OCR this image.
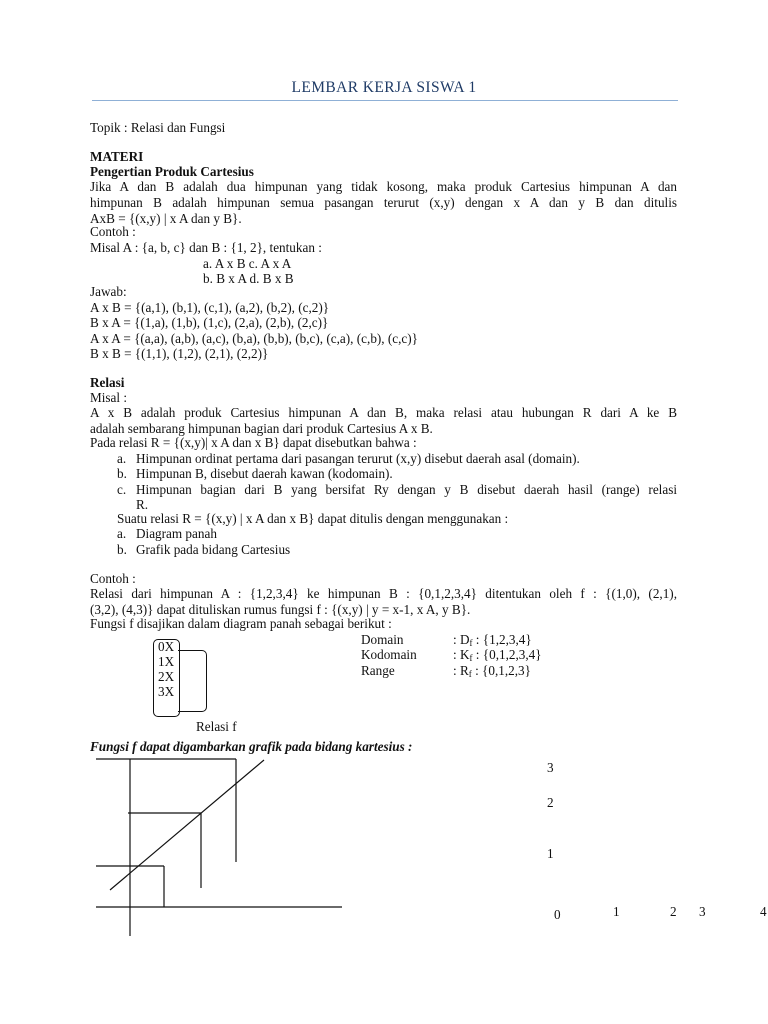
LEMBAR KERJA SISWA 1
Topik : Relasi dan Fungsi
MATERI
Pengertian Produk Cartesius
Jika A dan B adalah dua himpunan yang tidak kosong, maka produk Cartesius himpunan A dan
himpunan B adalah himpunan semua pasangan terurut (x,y) dengan x A dan y B dan ditulis
AxB = {(x,y) | x A dan y B}.
Contoh :
Misal A : {a, b, c} dan B : {1, 2}, tentukan :
a. A x B c. A x A
b. B x A d. B x B
Jawab:
A x B = {(a,1), (b,1), (c,1), (a,2), (b,2), (c,2)}
B x A = {(1,a), (1,b), (1,c), (2,a), (2,b), (2,c)}
A x A = {(a,a), (a,b), (a,c), (b,a), (b,b), (b,c), (c,a), (c,b), (c,c)}
B x B = {(1,1), (1,2), (2,1), (2,2)}
Relasi
Misal :
A x B adalah produk Cartesius himpunan A dan B, maka relasi atau hubungan R dari A ke B
adalah sembarang himpunan bagian dari produk Cartesius A x B.
Pada relasi R = {(x,y)| x A dan x B} dapat disebutkan bahwa :
a. Himpunan ordinat pertama dari pasangan terurut (x,y) disebut daerah asal (domain).
b. Himpunan B, disebut daerah kawan (kodomain).
c. Himpunan bagian dari B yang bersifat Ry dengan y B disebut daerah hasil (range) relasi
R.
Suatu relasi R = {(x,y) | x A dan x B} dapat ditulis dengan menggunakan :
a. Diagram panah
b. Grafik pada bidang Cartesius
Contoh :
Relasi dari himpunan A : {1,2,3,4} ke himpunan B : {0,1,2,3,4} ditentukan oleh f : {(1,0), (2,1),
(3,2), (4,3)} dapat dituliskan rumus fungsi f : {(x,y) | y = x-1, x A, y B}.
Fungsi f disajikan dalam diagram panah sebagai berikut :
0X
1X
2X
3X
Domain	: $D_f$ : {1,2,3,4}
Kodomain	: $K_f$ : {0,1,2,3,4}
Range	: $R_f$ : {0,1,2,3}
Relasi f
Fungsi f dapat digambarkan grafik pada bidang kartesius :
3
2
1
0	1	2 3	4
